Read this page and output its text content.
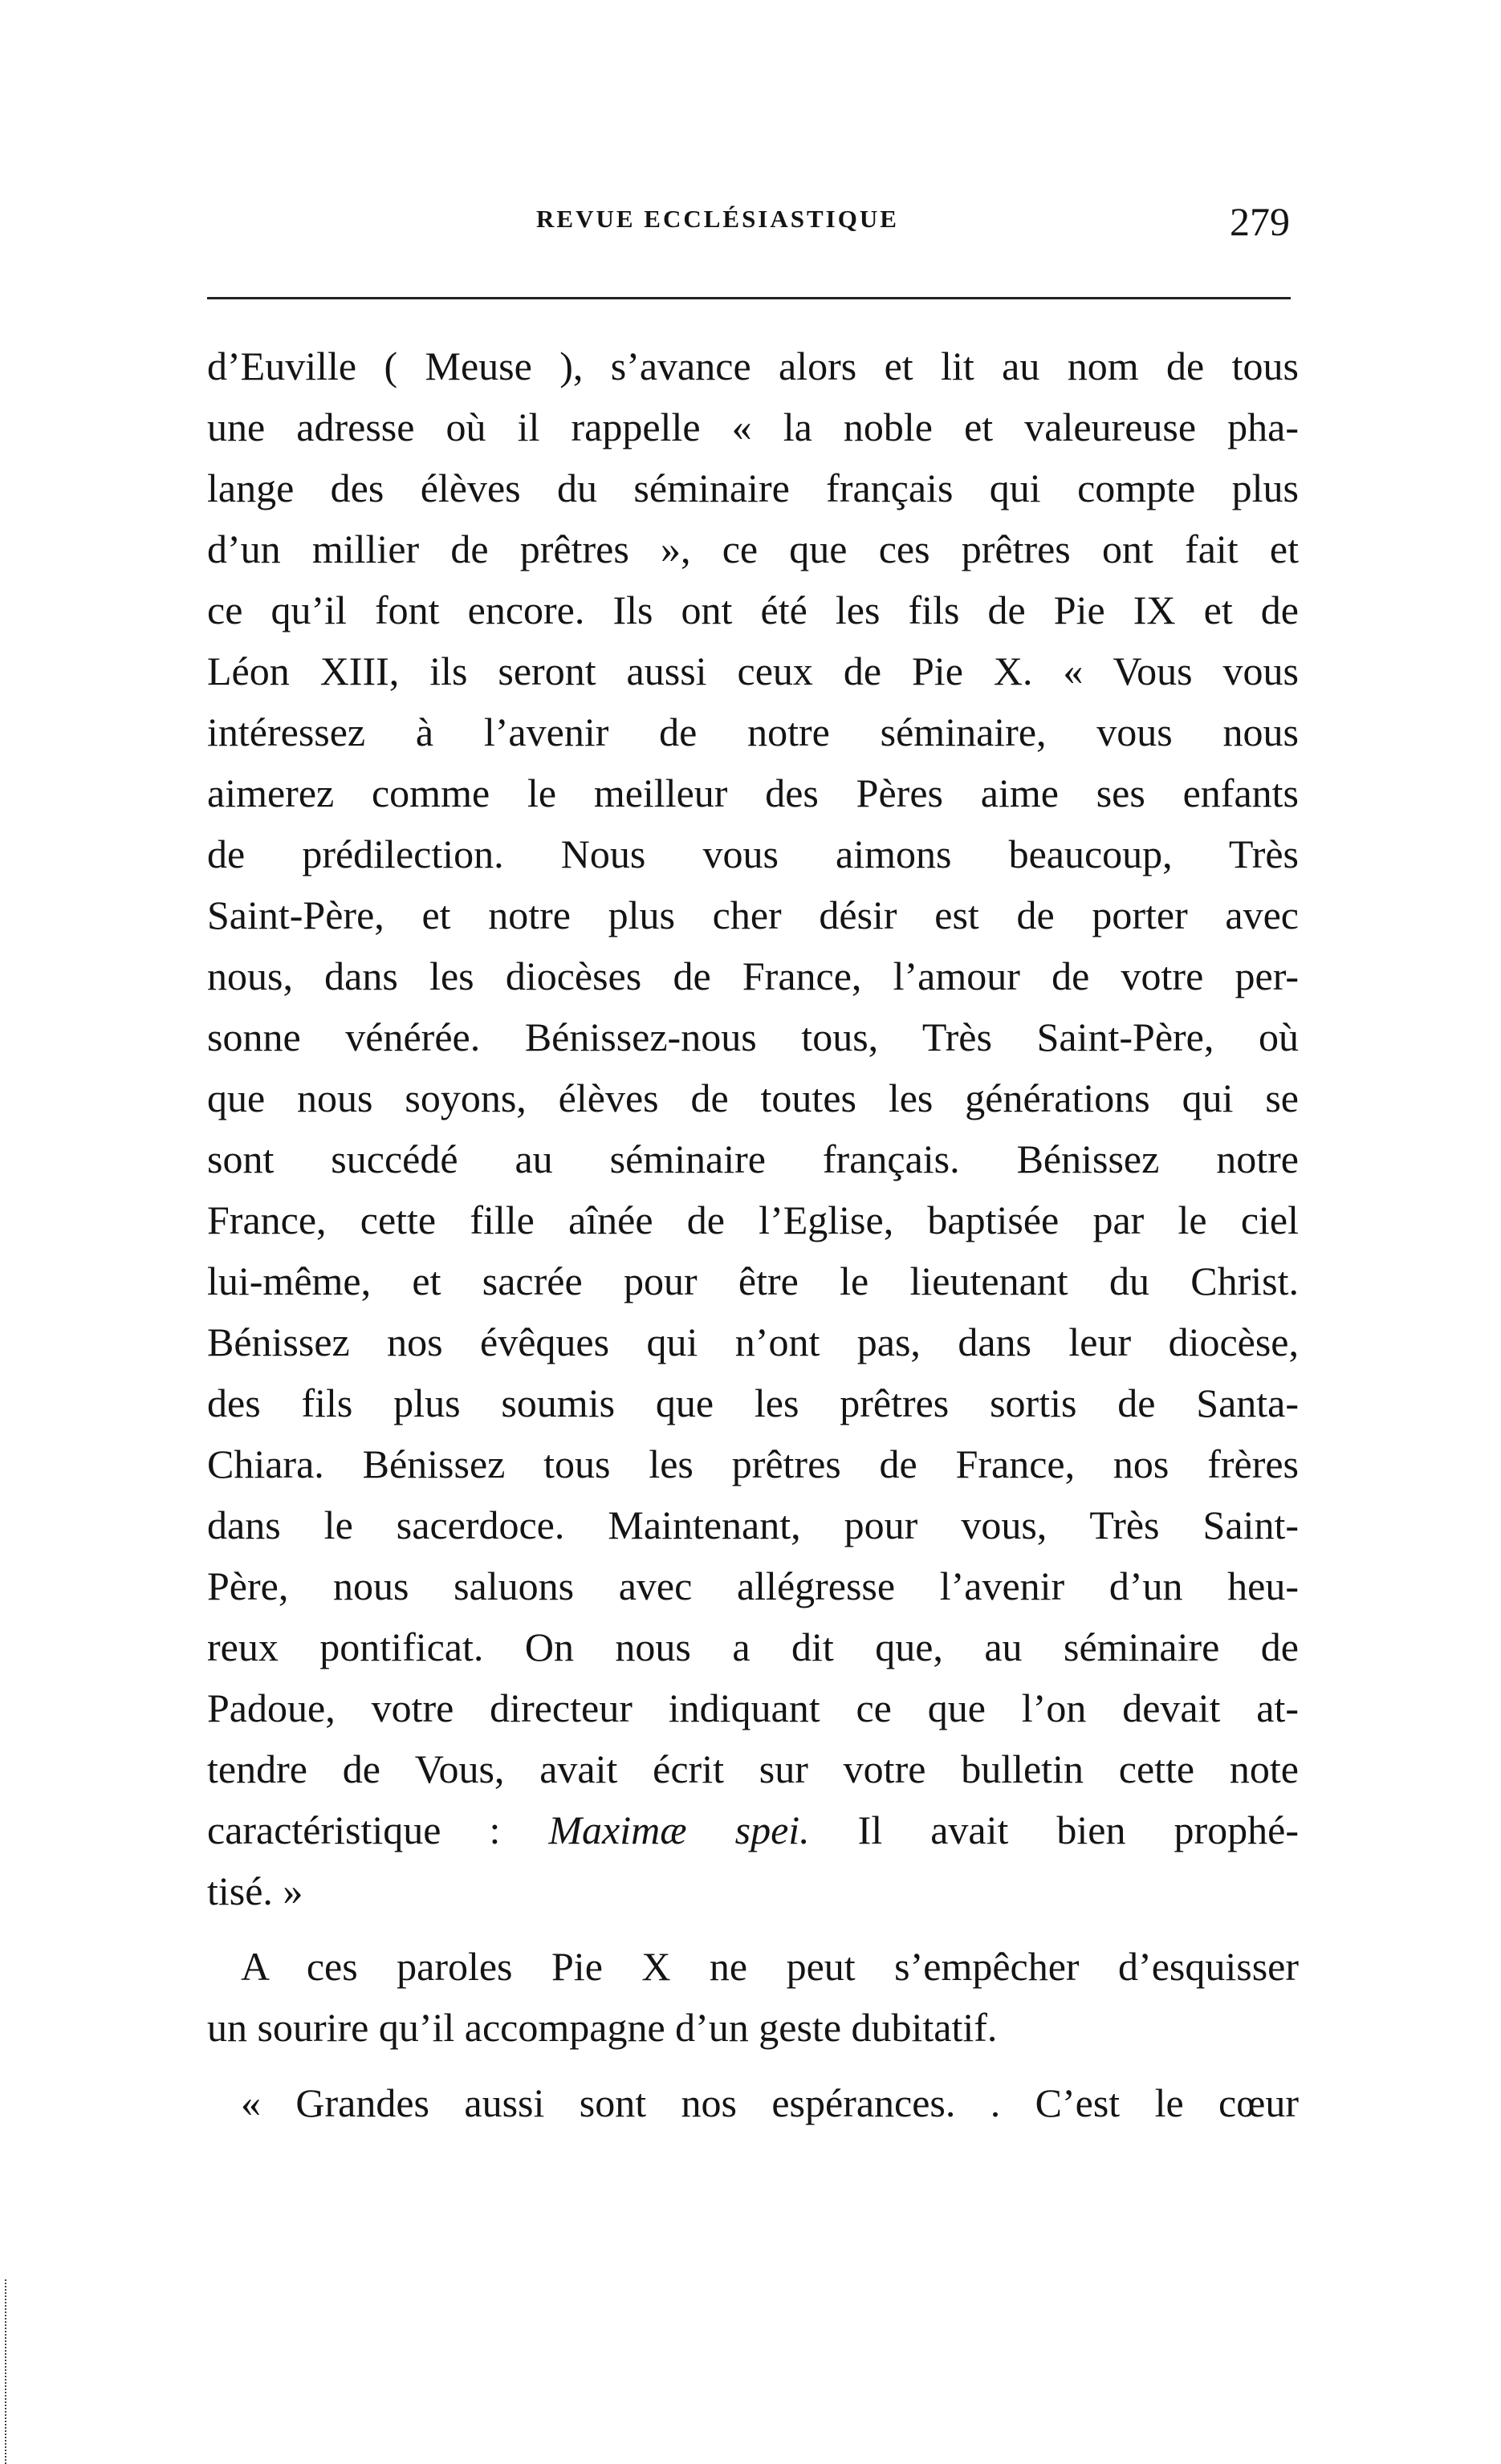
REVUE ECCLÉSIASTIQUE	279
d’Euville ( Meuse ), s’avance alors et lit au nom de tous
une adresse où il rappelle « la noble et valeureuse pha-
lange des élèves du séminaire français qui compte plus
d’un millier de prêtres », ce que ces prêtres ont fait et
ce qu’il font encore. Ils ont été les fils de Pie IX et de
Léon XIII, ils seront aussi ceux de Pie X. « Vous vous
intéressez à l’avenir de notre séminaire, vous nous
aimerez comme le meilleur des Pères aime ses enfants
de prédilection. Nous vous aimons beaucoup, Très
Saint-Père, et notre plus cher désir est de porter avec
nous, dans les diocèses de France, l’amour de votre per-
sonne vénérée. Bénissez-nous tous, Très Saint-Père, où
que nous soyons, élèves de toutes les générations qui se
sont succédé au séminaire français. Bénissez notre
France, cette fille aînée de l’Eglise, baptisée par le ciel
lui-même, et sacrée pour être le lieutenant du Christ.
Bénissez nos évêques qui n’ont pas, dans leur diocèse,
des fils plus soumis que les prêtres sortis de Santa-
Chiara. Bénissez tous les prêtres de France, nos frères
dans le sacerdoce. Maintenant, pour vous, Très Saint-
Père, nous saluons avec allégresse l’avenir d’un heu-
reux pontificat. On nous a dit que, au séminaire de
Padoue, votre directeur indiquant ce que l’on devait at-
tendre de Vous, avait écrit sur votre bulletin cette note
caractéristique : Maximæ spei. Il avait bien prophé-
tisé. »
A ces paroles Pie X ne peut s’empêcher d’esquisser
un sourire qu’il accompagne d’un geste dubitatif.
« Grandes aussi sont nos espérances. . C’est le cœur
